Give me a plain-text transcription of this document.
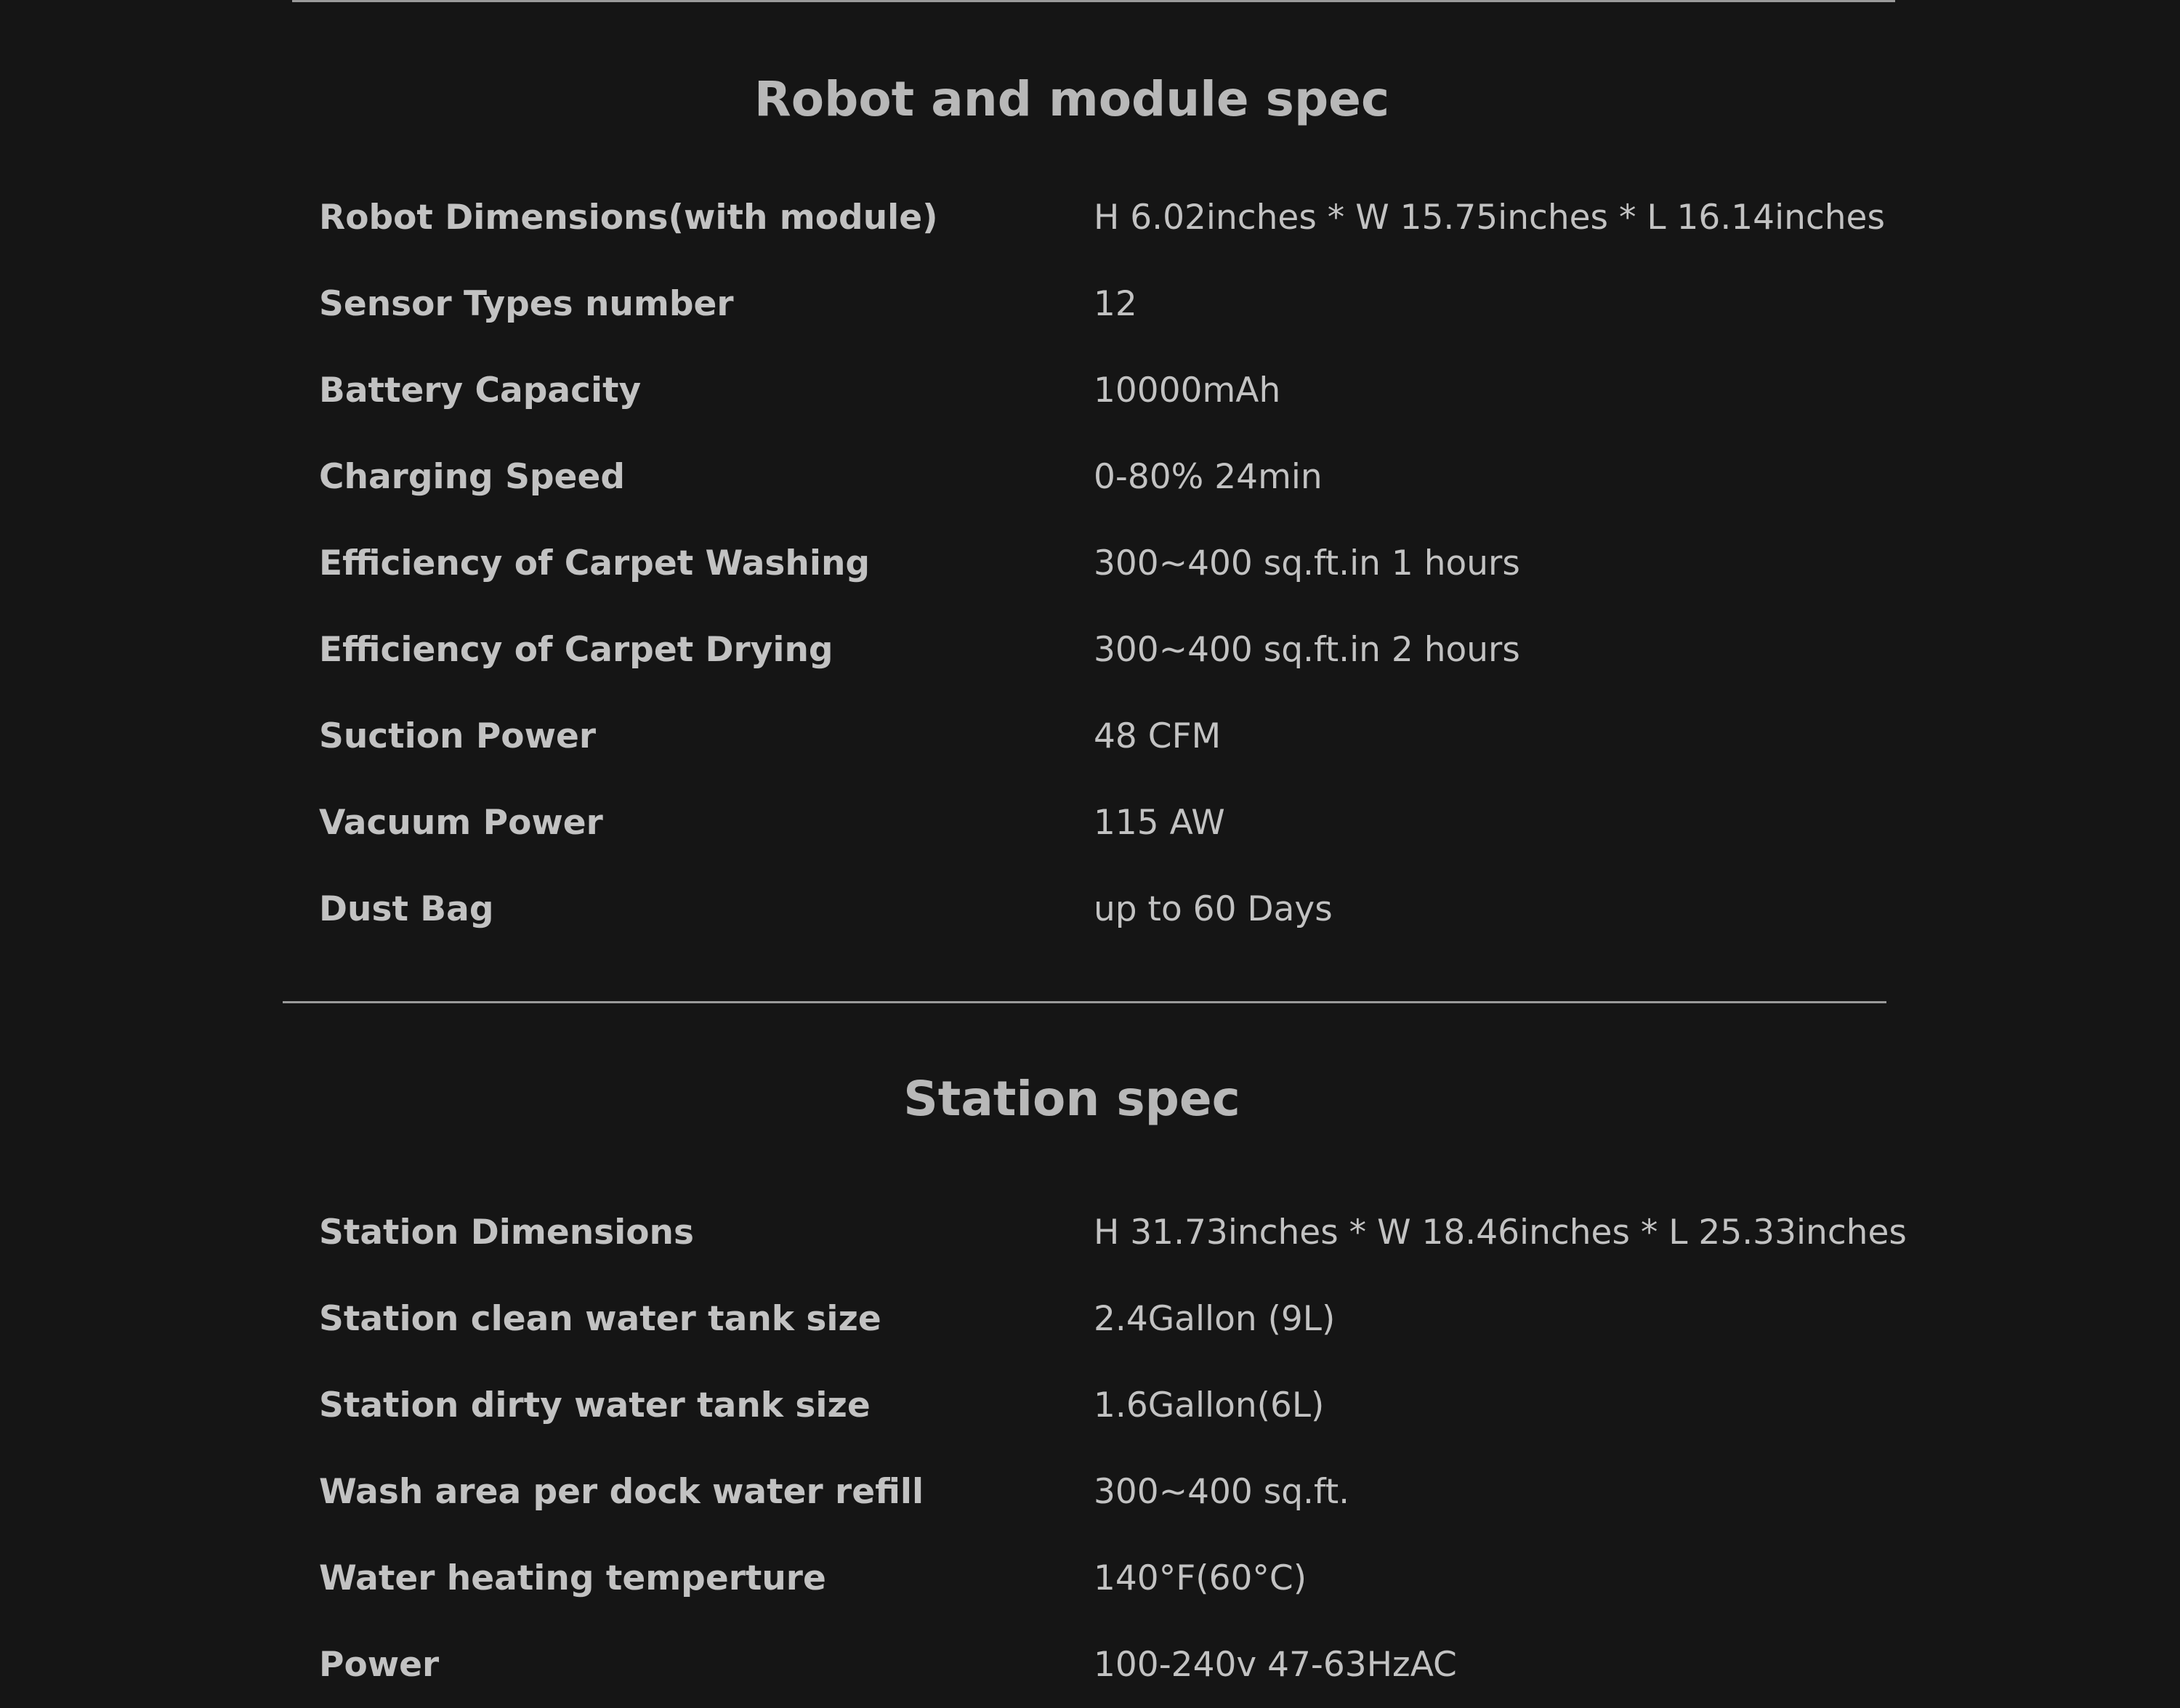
Robot and module spec
Robot Dimensions(with module)	H 6.02inches * W 15.75inches * L 16.14inches
Sensor Types number	12
Battery Capacity	10000mAh
Charging Speed	0-80% 24min
Efficiency of Carpet Washing	300~400 sq.ft.in 1 hours
Efficiency of Carpet Drying	300~400 sq.ft.in 2 hours
Suction Power	48 CFM
Vacuum Power	115 AW
Dust Bag	up to 60 Days
Station spec
Station Dimensions	H 31.73inches * W 18.46inches * L 25.33inches
Station clean water tank size	2.4Gallon (9L)
Station dirty water tank size	1.6Gallon(6L)
Wash area per dock water refill	300~400 sq.ft.
Water heating temperture	140°F(60°C)
Power	100-240v 47-63HzAC
